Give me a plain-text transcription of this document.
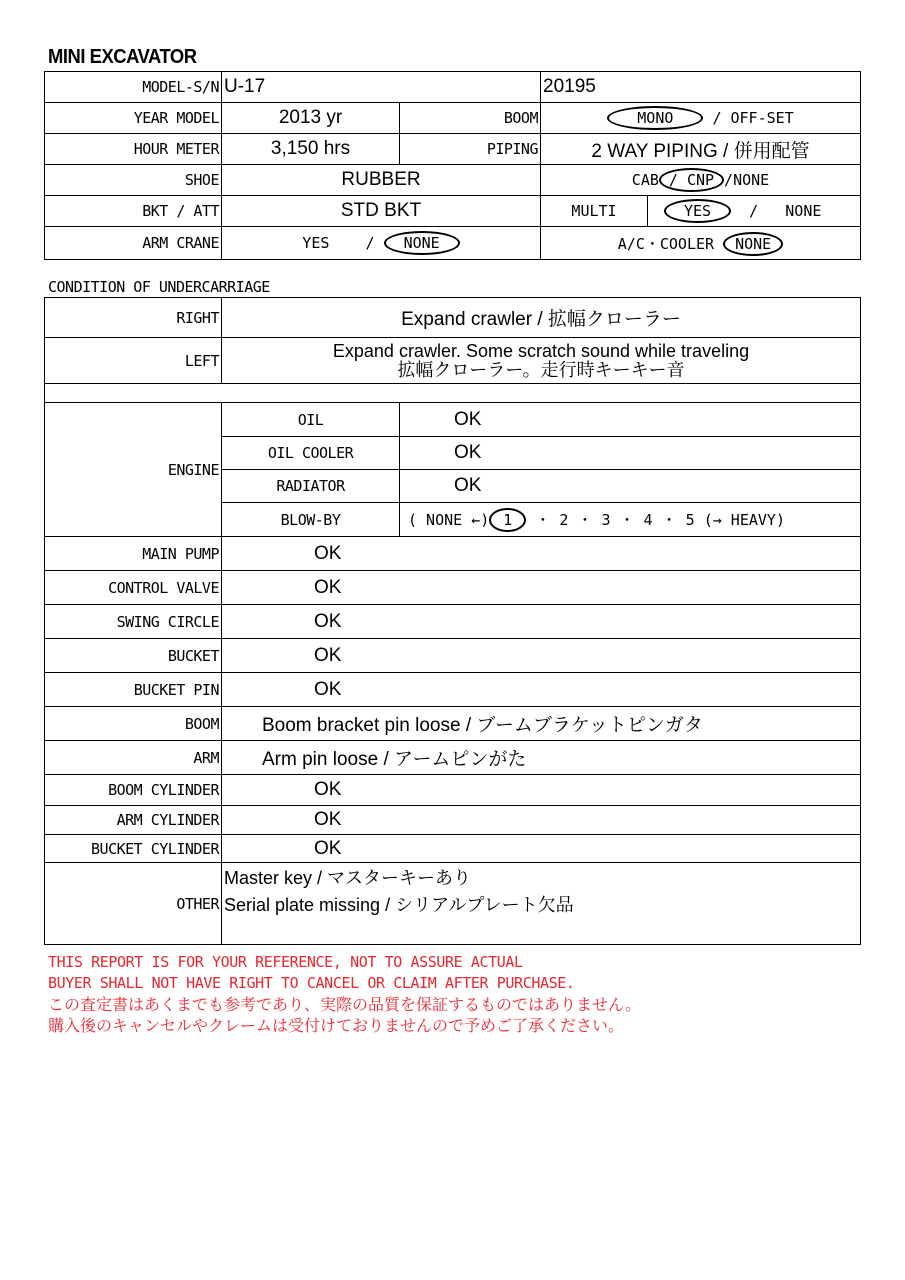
MINI EXCAVATOR
MODEL-S/N	U-17		20195	
YEAR MODEL	2013 yr	BOOM	MONO / OFF-SET	
HOUR METER	3,150 hrs	PIPING	2 WAY PIPING / 併用配管	
SHOE	RUBBER		CAB / CNP /NONE	
BKT / ATT	STD BKT		MULTI	YES / NONE
ARM CRANE	YES / NONE		A/C・COOLER NONE	
CONDITION OF UNDERCARRIAGE
RIGHT	Expand crawler / 拡幅クローラー	
LEFT	Expand crawler. Some scratch sound while traveling
拡幅クローラー。走行時キーキー音	

ENGINE	OIL	OK
	OIL COOLER	OK
	RADIATOR	OK
	BLOW-BY	( NONE ←) 1 ・ 2 ・ 3 ・ 4 ・ 5 (→ HEAVY)
MAIN PUMP	OK	
CONTROL VALVE	OK	
SWING CIRCLE	OK	
BUCKET	OK	
BUCKET PIN	OK	
BOOM	Boom bracket pin loose / ブームブラケットピンガタ	
ARM	Arm pin loose / アームピンがた	
BOOM CYLINDER	OK	
ARM CYLINDER	OK	
BUCKET CYLINDER	OK	
OTHER	Master key / マスターキーあり
Serial plate missing / シリアルプレート欠品	
THIS REPORT IS FOR YOUR REFERENCE, NOT TO ASSURE ACTUAL
BUYER SHALL NOT HAVE RIGHT TO CANCEL OR CLAIM AFTER PURCHASE.
この査定書はあくまでも参考であり、実際の品質を保証するものではありません。
購入後のキャンセルやクレームは受付けておりませんので予めご了承ください。
